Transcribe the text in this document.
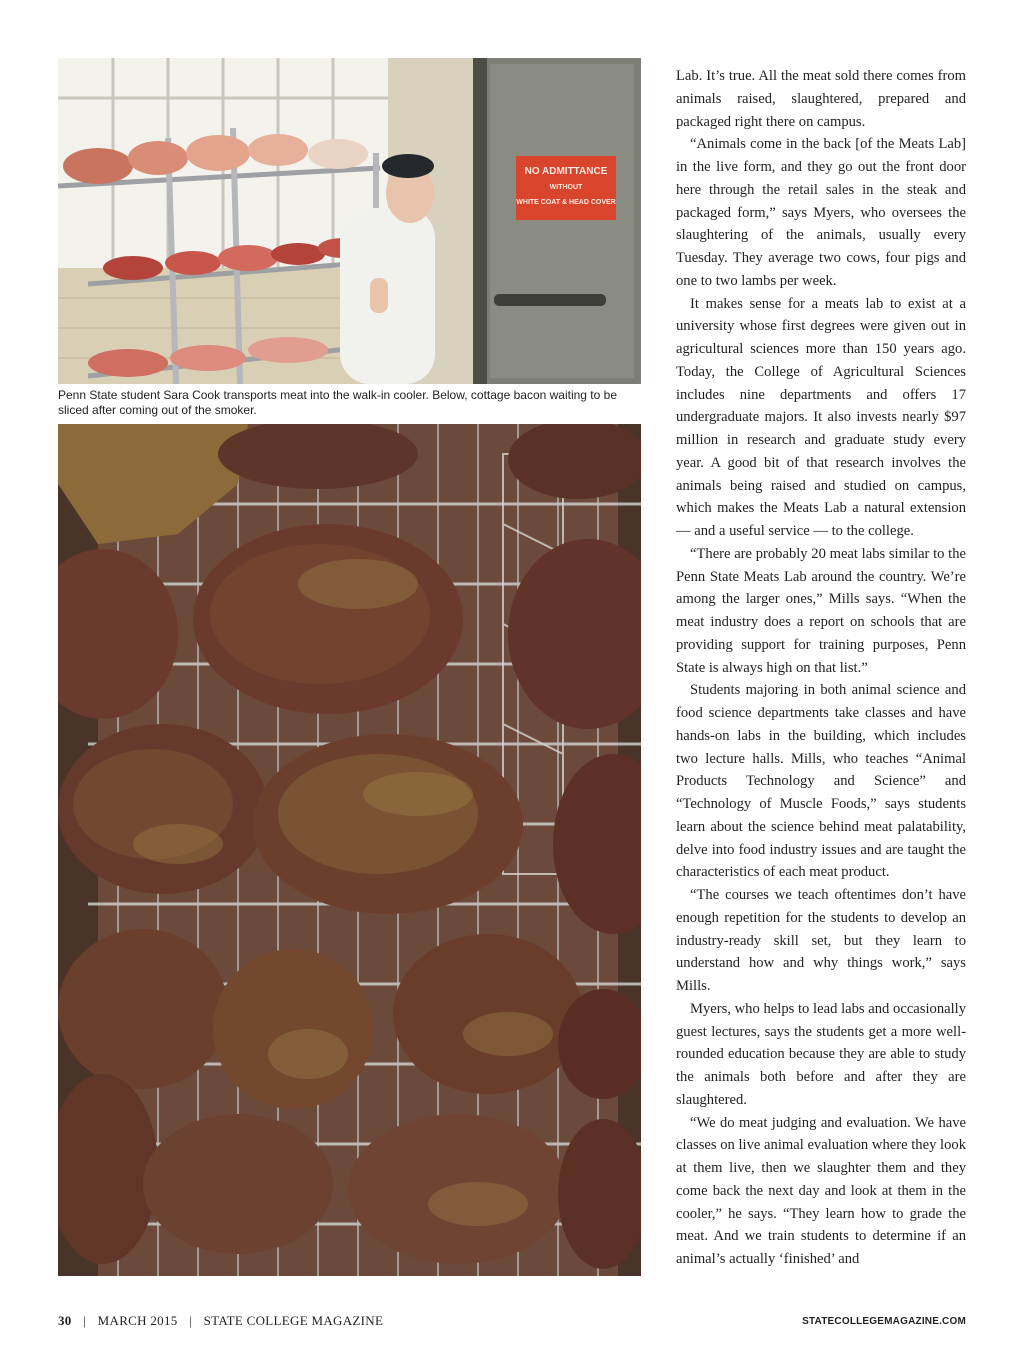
NO ADMITTANCE
WITHOUT
WHITE COAT & HEAD COVER
Penn State student Sara Cook transports meat into the walk-in cooler. Below, cottage bacon waiting to be sliced after coming out of the smoker.

Lab. It’s true. All the meat sold there comes from animals raised, slaughtered, prepared and packaged right there on campus.

“Animals come in the back [of the Meats Lab] in the live form, and they go out the front door here through the retail sales in the steak and packaged form,” says Myers, who oversees the slaughtering of the animals, usually every Tuesday. They average two cows, four pigs and one to two lambs per week.

It makes sense for a meats lab to exist at a university whose first degrees were given out in agricultural sciences more than 150 years ago. Today, the College of Agricultural Sciences includes nine departments and offers 17 undergraduate majors. It also invests nearly $97 million in research and graduate study every year. A good bit of that research involves the animals being raised and studied on campus, which makes the Meats Lab a natural extension — and a useful service — to the college.

“There are probably 20 meat labs similar to the Penn State Meats Lab around the country. We’re among the larger ones,” Mills says. “When the meat industry does a report on schools that are providing support for training purposes, Penn State is always high on that list.”

Students majoring in both animal science and food science departments take classes and have hands-on labs in the building, which includes two lecture halls. Mills, who teaches “Animal Products Technology and Science” and “Technology of Muscle Foods,” says students learn about the science behind meat palatability, delve into food industry issues and are taught the characteristics of each meat product.

“The courses we teach oftentimes don’t have enough repetition for the students to develop an industry-ready skill set, but they learn to understand how and why things work,” says Mills.

Myers, who helps to lead labs and occasionally guest lectures, says the students get a more well-rounded education because they are able to study the animals both before and after they are slaughtered.

“We do meat judging and evaluation. We have classes on live animal evaluation where they look at them live, then we slaughter them and they come back the next day and look at them in the cooler,” he says. “They learn how to grade the meat. And we train students to determine if an animal’s actually ‘finished’ and

30 | MARCH 2015 | STATE COLLEGE MAGAZINE	STATECOLLEGEMAGAZINE.COM
